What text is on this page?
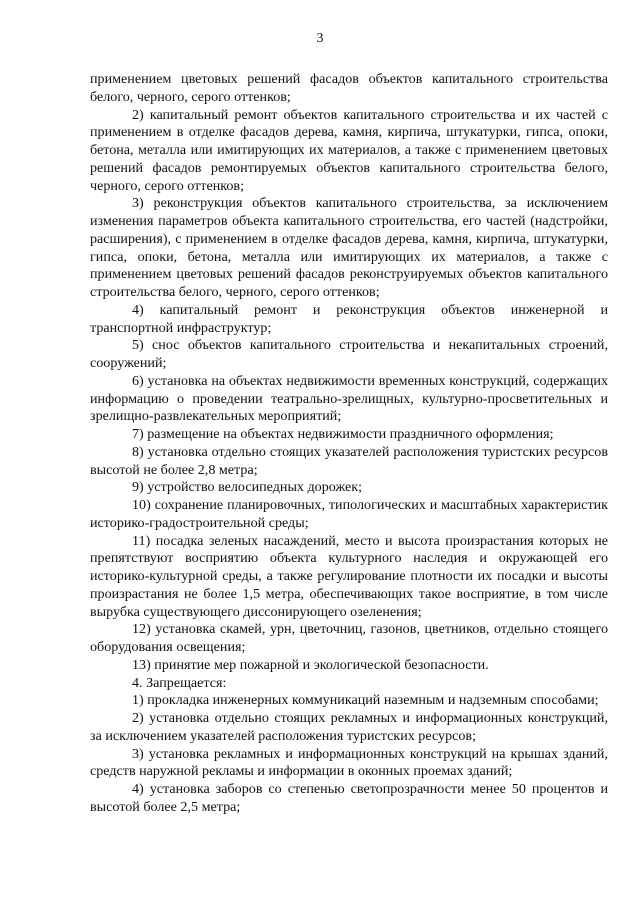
3

применением цветовых решений фасадов объектов капитального строительства белого, черного, серого оттенков;

2) капитальный ремонт объектов капитального строительства и их частей с применением в отделке фасадов дерева, камня, кирпича, штукатурки, гипса, опоки, бетона, металла или имитирующих их материалов, а также с применением цветовых решений фасадов ремонтируемых объектов капитального строительства белого, черного, серого оттенков;

3) реконструкция объектов капитального строительства, за исключением изменения параметров объекта капитального строительства, его частей (надстройки, расширения), с применением в отделке фасадов дерева, камня, кирпича, штукатурки, гипса, опоки, бетона, металла или имитирующих их материалов, а также с применением цветовых решений фасадов реконструируемых объектов капитального строительства белого, черного, серого оттенков;

4) капитальный ремонт и реконструкция объектов инженерной и транспортной инфраструктур;

5) снос объектов капитального строительства и некапитальных строений, сооружений;

6) установка на объектах недвижимости временных конструкций, содержащих информацию о проведении театрально-зрелищных, культурно-просветительных и зрелищно-развлекательных мероприятий;

7) размещение на объектах недвижимости праздничного оформления;

8) установка отдельно стоящих указателей расположения туристских ресурсов высотой не более 2,8 метра;

9) устройство велосипедных дорожек;

10) сохранение планировочных, типологических и масштабных характеристик историко-градостроительной среды;

11) посадка зеленых насаждений, место и высота произрастания которых не препятствуют восприятию объекта культурного наследия и окружающей его историко-культурной среды, а также регулирование плотности их посадки и высоты произрастания не более 1,5 метра, обеспечивающих такое восприятие, в том числе вырубка существующего диссонирующего озеленения;

12) установка скамей, урн, цветочниц, газонов, цветников, отдельно стоящего оборудования освещения;

13) принятие мер пожарной и экологической безопасности.

4. Запрещается:

1) прокладка инженерных коммуникаций наземным и надземным способами;

2) установка отдельно стоящих рекламных и информационных конструкций, за исключением указателей расположения туристских ресурсов;

3) установка рекламных и информационных конструкций на крышах зданий, средств наружной рекламы и информации в оконных проемах зданий;

4) установка заборов со степенью светопрозрачности менее 50 процентов и высотой более 2,5 метра;
